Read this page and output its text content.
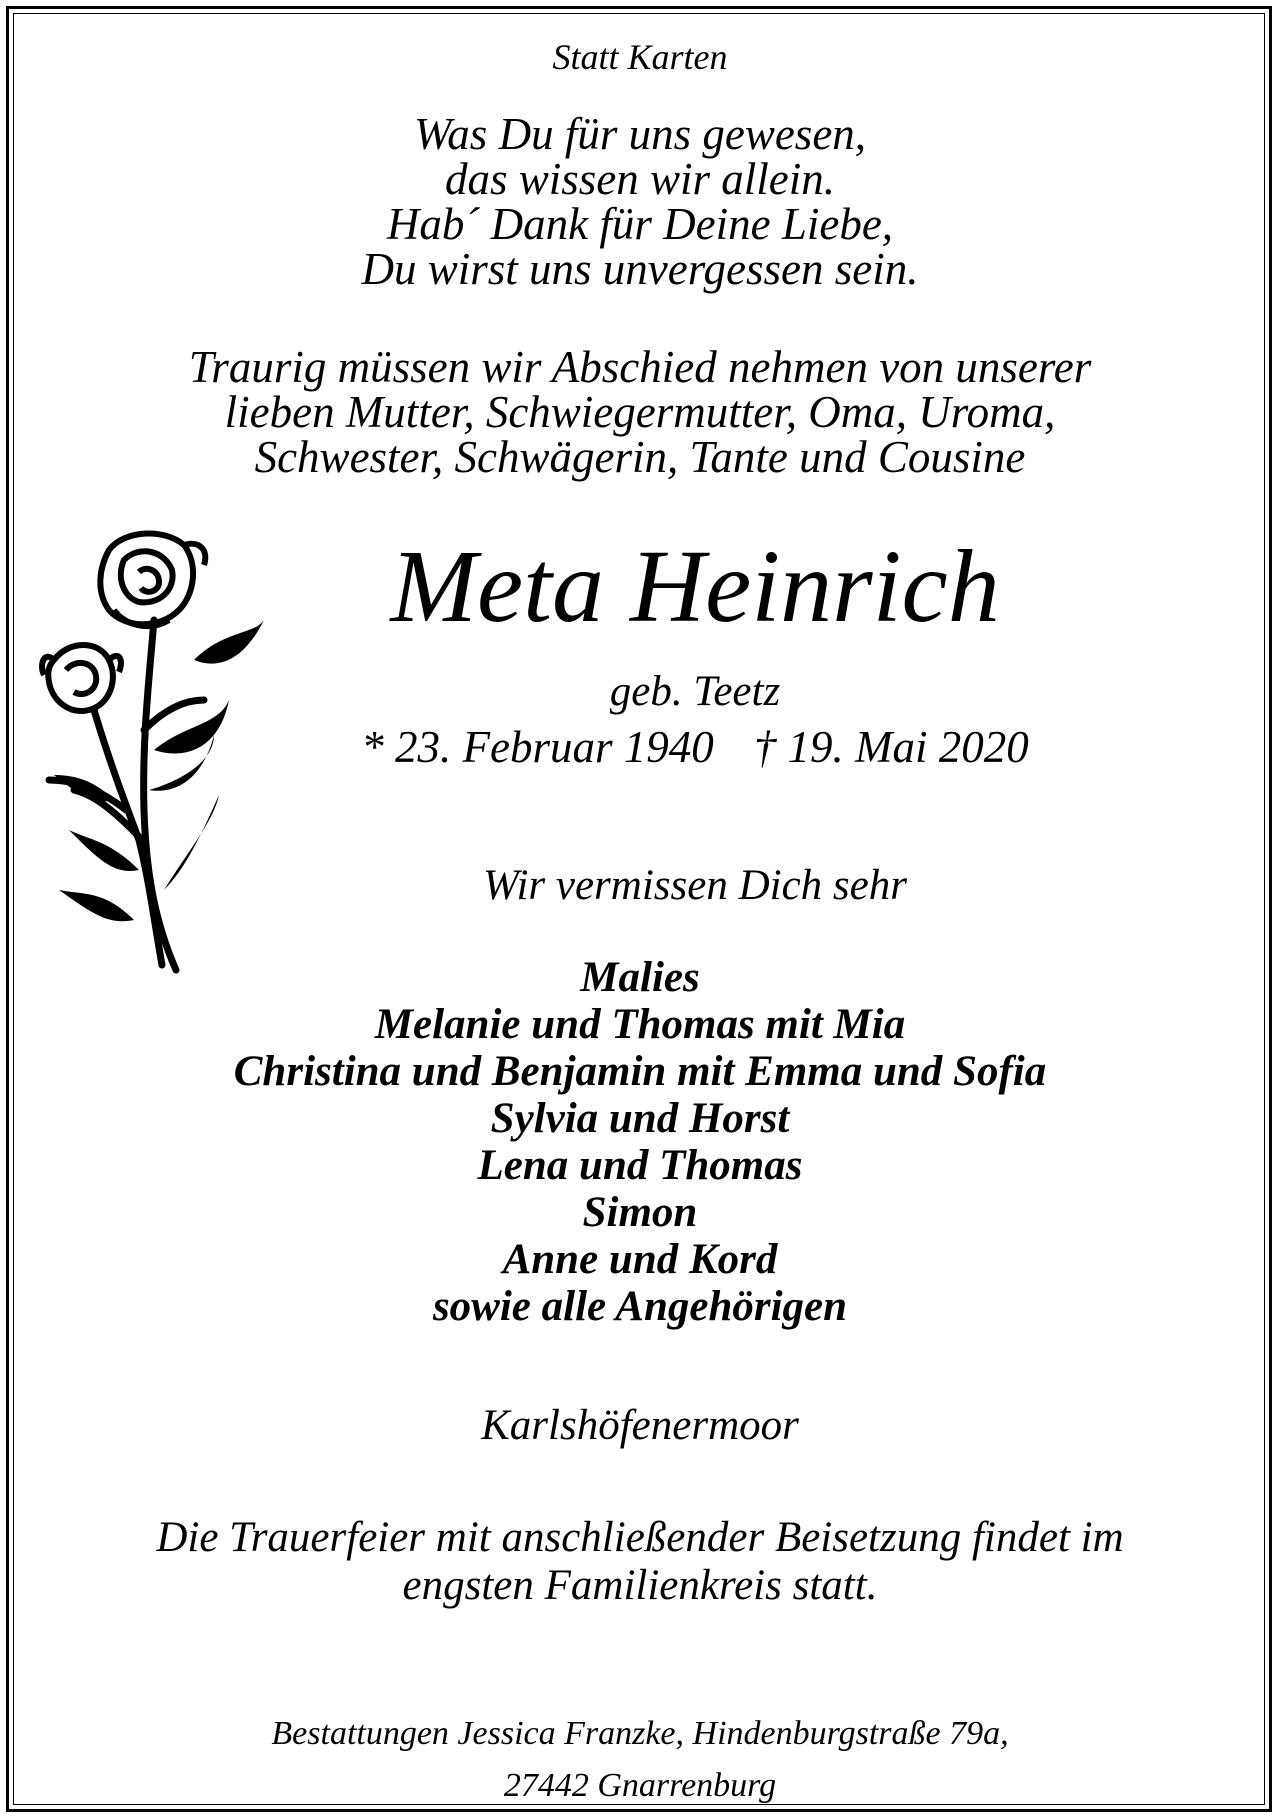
Statt Karten
Was Du für uns gewesen,
das wissen wir allein.
Hab´ Dank für Deine Liebe,
Du wirst uns unvergessen sein.
Traurig müssen wir Abschied nehmen von unserer
lieben Mutter, Schwiegermutter, Oma, Uroma,
Schwester, Schwägerin, Tante und Cousine
Meta Heinrich
geb. Teetz
* 23. Februar 1940 † 19. Mai 2020
Wir vermissen Dich sehr
Malies
Melanie und Thomas mit Mia
Christina und Benjamin mit Emma und Sofia
Sylvia und Horst
Lena und Thomas
Simon
Anne und Kord
sowie alle Angehörigen
Karlshöfenermoor
Die Trauerfeier mit anschließender Beisetzung findet im
engsten Familienkreis statt.
Bestattungen Jessica Franzke, Hindenburgstraße 79a,
27442 Gnarrenburg
